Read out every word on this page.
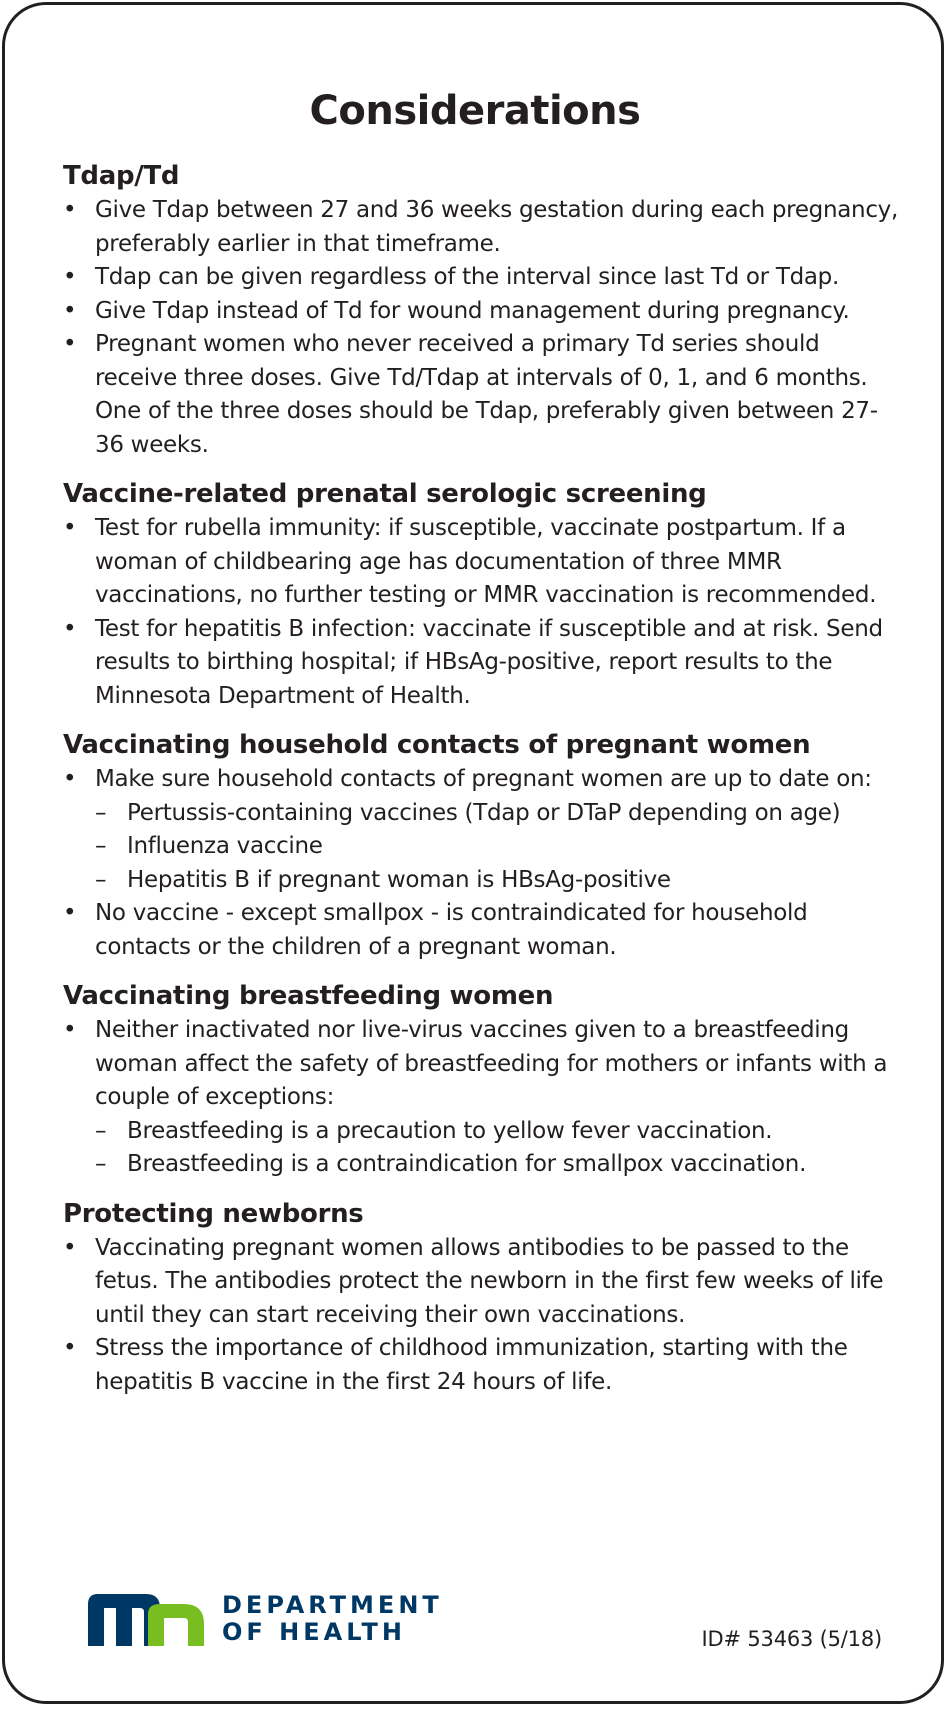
Considerations
Tdap/Td
• Give Tdap between 27 and 36 weeks gestation during each pregnancy, preferably earlier in that timeframe.
• Tdap can be given regardless of the interval since last Td or Tdap.
• Give Tdap instead of Td for wound management during pregnancy.
• Pregnant women who never received a primary Td series should receive three doses. Give Td/Tdap at intervals of 0, 1, and 6 months. One of the three doses should be Tdap, preferably given between 27-36 weeks.
Vaccine-related prenatal serologic screening
• Test for rubella immunity: if susceptible, vaccinate postpartum. If a woman of childbearing age has documentation of three MMR vaccinations, no further testing or MMR vaccination is recommended.
• Test for hepatitis B infection: vaccinate if susceptible and at risk. Send results to birthing hospital; if HBsAg-positive, report results to the Minnesota Department of Health.
Vaccinating household contacts of pregnant women
• Make sure household contacts of pregnant women are up to date on:
– Pertussis-containing vaccines (Tdap or DTaP depending on age)
– Influenza vaccine
– Hepatitis B if pregnant woman is HBsAg-positive
• No vaccine - except smallpox - is contraindicated for household contacts or the children of a pregnant woman.
Vaccinating breastfeeding women
• Neither inactivated nor live-virus vaccines given to a breastfeeding woman affect the safety of breastfeeding for mothers or infants with a couple of exceptions:
– Breastfeeding is a precaution to yellow fever vaccination.
– Breastfeeding is a contraindication for smallpox vaccination.
Protecting newborns
• Vaccinating pregnant women allows antibodies to be passed to the fetus. The antibodies protect the newborn in the first few weeks of life until they can start receiving their own vaccinations.
• Stress the importance of childhood immunization, starting with the hepatitis B vaccine in the first 24 hours of life.
DEPARTMENT
OF HEALTH	ID# 53463 (5/18)
